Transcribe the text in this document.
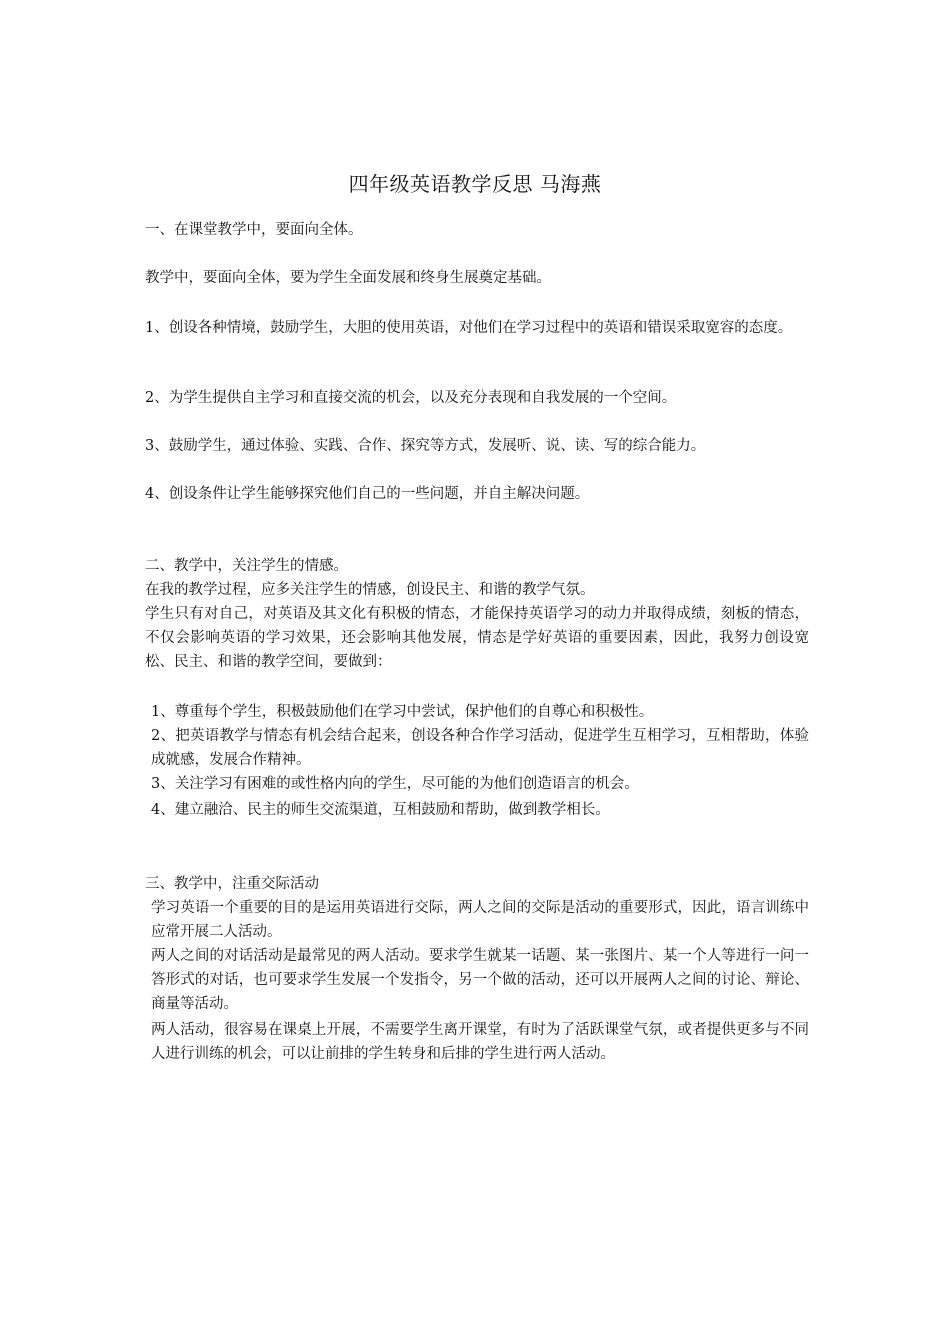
四年级英语教学反思 马海燕

一、在课堂教学中，要面向全体。

教学中，要面向全体，要为学生全面发展和终身生展奠定基础。

1、创设各种情境，鼓励学生，大胆的使用英语，对他们在学习过程中的英语和错误采取宽容的态度。

2、为学生提供自主学习和直接交流的机会，以及充分表现和自我发展的一个空间。

3、鼓励学生，通过体验、实践、合作、探究等方式，发展听、说、读、写的综合能力。

4、创设条件让学生能够探究他们自己的一些问题，并自主解决问题。

二、教学中，关注学生的情感。

在我的教学过程，应多关注学生的情感，创设民主、和谐的教学气氛。

学生只有对自己，对英语及其文化有积极的情态，才能保持英语学习的动力并取得成绩，刻板的情态，不仅会影响英语的学习效果，还会影响其他发展，情态是学好英语的重要因素，因此，我努力创设宽松、民主、和谐的教学空间，要做到：

1、尊重每个学生，积极鼓励他们在学习中尝试，保护他们的自尊心和积极性。

2、把英语教学与情态有机会结合起来，创设各种合作学习活动，促进学生互相学习，互相帮助，体验成就感，发展合作精神。

3、关注学习有困难的或性格内向的学生，尽可能的为他们创造语言的机会。

4、建立融洽、民主的师生交流渠道，互相鼓励和帮助，做到教学相长。

三、教学中，注重交际活动

学习英语一个重要的目的是运用英语进行交际，两人之间的交际是活动的重要形式，因此，语言训练中应常开展二人活动。

两人之间的对话活动是最常见的两人活动。要求学生就某一话题、某一张图片、某一个人等进行一问一答形式的对话，也可要求学生发展一个发指令，另一个做的活动，还可以开展两人之间的讨论、辩论、商量等活动。

两人活动，很容易在课桌上开展，不需要学生离开课堂，有时为了活跃课堂气氛，或者提供更多与不同人进行训练的机会，可以让前排的学生转身和后排的学生进行两人活动。
